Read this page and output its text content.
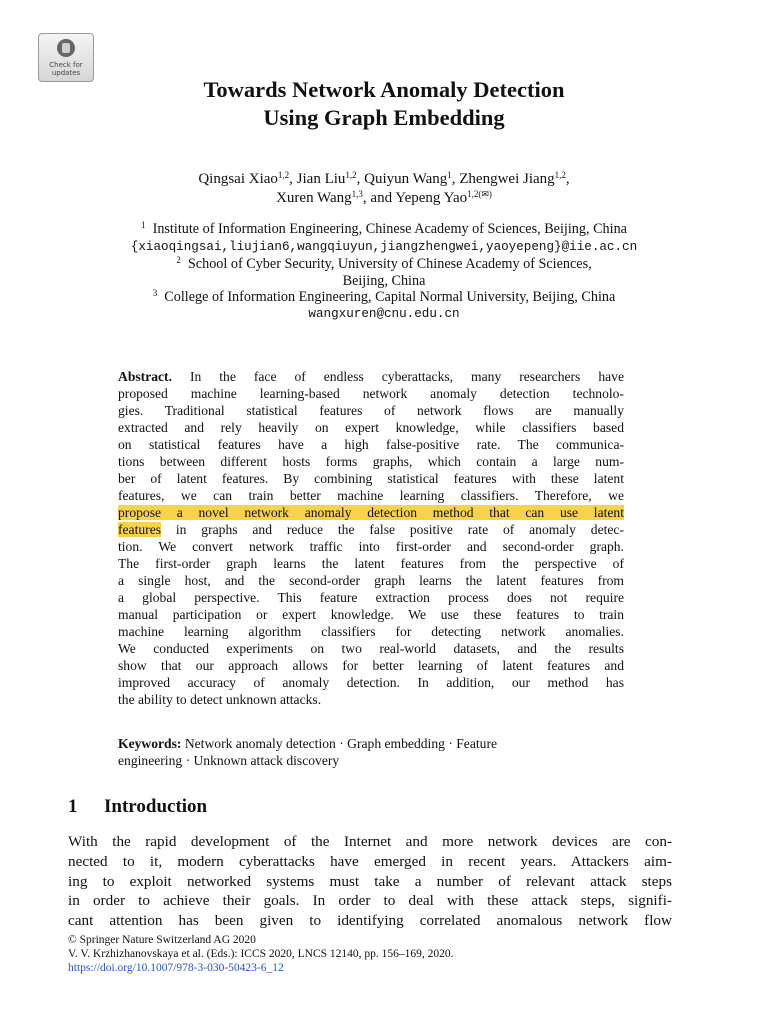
Check for
updates
Towards Network Anomaly Detection
Using Graph Embedding
Qingsai Xiao$^{1,2}$, Jian Liu$^{1,2}$, Quiyun Wang$^1$, Zhengwei Jiang$^{1,2}$,
Xuren Wang$^{1,3}$, and Yepeng Yao$^{1,2(✉)}$
$^1$ Institute of Information Engineering, Chinese Academy of Sciences, Beijing, China
{xiaoqingsai,liujian6,wangqiuyun,jiangzhengwei,yaoyepeng}@iie.ac.cn
$^2$ School of Cyber Security, University of Chinese Academy of Sciences,
Beijing, China
$^3$ College of Information Engineering, Capital Normal University, Beijing, China
wangxuren@cnu.edu.cn
Abstract. In the face of endless cyberattacks, many researchers have
proposed machine learning-based network anomaly detection technolo-
gies. Traditional statistical features of network flows are manually
extracted and rely heavily on expert knowledge, while classifiers based
on statistical features have a high false-positive rate. The communica-
tions between different hosts forms graphs, which contain a large num-
ber of latent features. By combining statistical features with these latent
features, we can train better machine learning classifiers. Therefore, we
propose a novel network anomaly detection method that can use latent
features in graphs and reduce the false positive rate of anomaly detec-
tion. We convert network traffic into first-order and second-order graph.
The first-order graph learns the latent features from the perspective of
a single host, and the second-order graph learns the latent features from
a global perspective. This feature extraction process does not require
manual participation or expert knowledge. We use these features to train
machine learning algorithm classifiers for detecting network anomalies.
We conducted experiments on two real-world datasets, and the results
show that our approach allows for better learning of latent features and
improved accuracy of anomaly detection. In addition, our method has
the ability to detect unknown attacks.
Keywords: Network anomaly detection · Graph embedding · Feature
engineering · Unknown attack discovery
1 Introduction
With the rapid development of the Internet and more network devices are con-
nected to it, modern cyberattacks have emerged in recent years. Attackers aim-
ing to exploit networked systems must take a number of relevant attack steps
in order to achieve their goals. In order to deal with these attack steps, signifi-
cant attention has been given to identifying correlated anomalous network flow
© Springer Nature Switzerland AG 2020
V. V. Krzhizhanovskaya et al. (Eds.): ICCS 2020, LNCS 12140, pp. 156–169, 2020.
https://doi.org/10.1007/978-3-030-50423-6_12
